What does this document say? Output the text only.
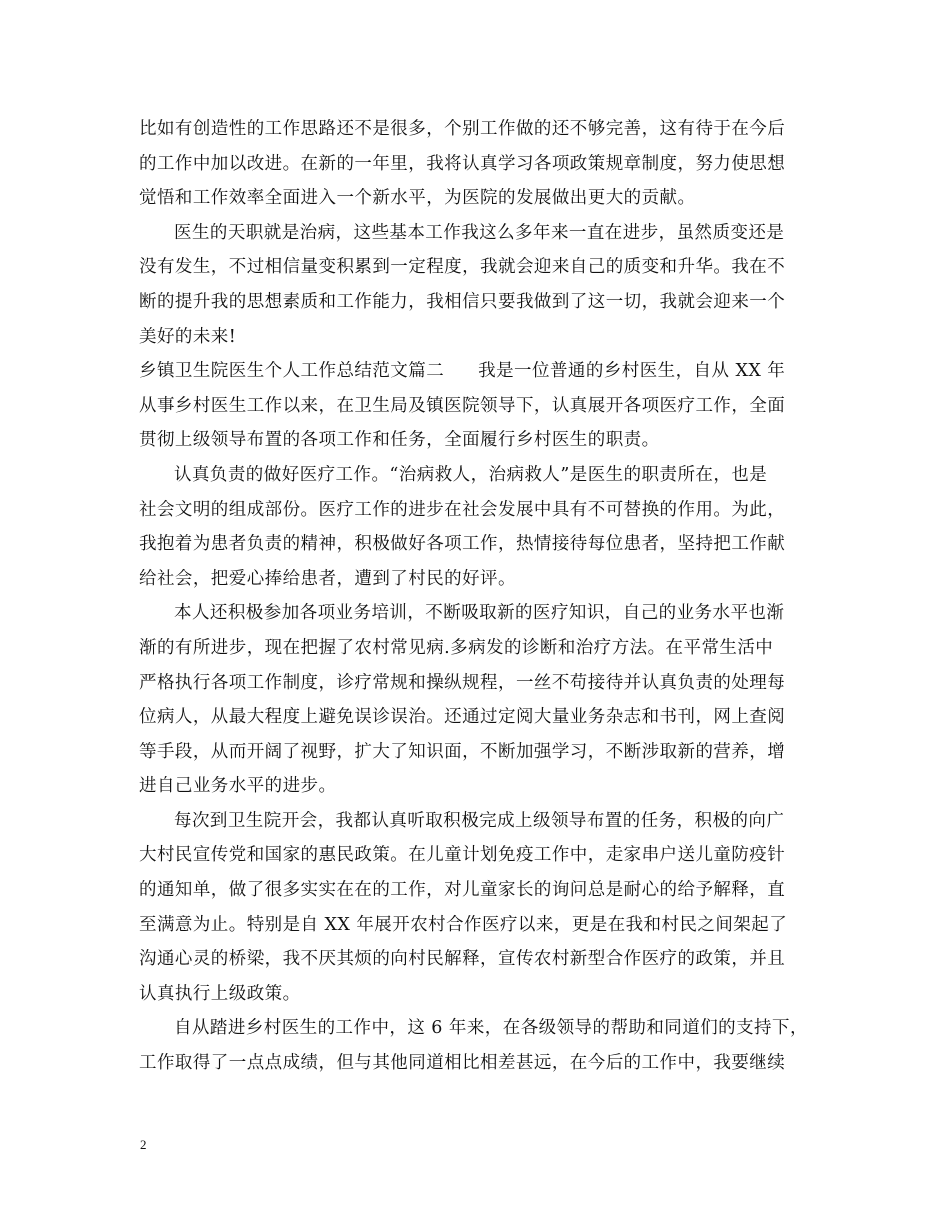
比如有创造性的工作思路还不是很多，个别工作做的还不够完善，这有待于在今后
的工作中加以改进。在新的一年里，我将认真学习各项政策规章制度，努力使思想
觉悟和工作效率全面进入一个新水平，为医院的发展做出更大的贡献。
医生的天职就是治病，这些基本工作我这么多年来一直在进步，虽然质变还是
没有发生，不过相信量变积累到一定程度，我就会迎来自己的质变和升华。我在不
断的提升我的思想素质和工作能力，我相信只要我做到了这一切，我就会迎来一个
美好的未来!
乡镇卫生院医生个人工作总结范文篇二 我是一位普通的乡村医生，自从 XX 年
从事乡村医生工作以来，在卫生局及镇医院领导下，认真展开各项医疗工作，全面
贯彻上级领导布置的各项工作和任务，全面履行乡村医生的职责。
认真负责的做好医疗工作。“治病救人，治病救人”是医生的职责所在，也是
社会文明的组成部份。医疗工作的进步在社会发展中具有不可替换的作用。为此，
我抱着为患者负责的精神，积极做好各项工作，热情接待每位患者，坚持把工作献
给社会，把爱心捧给患者，遭到了村民的好评。
本人还积极参加各项业务培训，不断吸取新的医疗知识，自己的业务水平也渐
渐的有所进步，现在把握了农村常见病.多病发的诊断和治疗方法。在平常生活中
严格执行各项工作制度，诊疗常规和操纵规程，一丝不苟接待并认真负责的处理每
位病人，从最大程度上避免误诊误治。还通过定阅大量业务杂志和书刊，网上查阅
等手段，从而开阔了视野，扩大了知识面，不断加强学习，不断涉取新的营养，增
进自己业务水平的进步。
每次到卫生院开会，我都认真听取积极完成上级领导布置的任务，积极的向广
大村民宣传党和国家的惠民政策。在儿童计划免疫工作中，走家串户送儿童防疫针
的通知单，做了很多实实在在的工作，对儿童家长的询问总是耐心的给予解释，直
至满意为止。特别是自 XX 年展开农村合作医疗以来，更是在我和村民之间架起了
沟通心灵的桥梁，我不厌其烦的向村民解释，宣传农村新型合作医疗的政策，并且
认真执行上级政策。
自从踏进乡村医生的工作中，这 6 年来，在各级领导的帮助和同道们的支持下，
工作取得了一点点成绩，但与其他同道相比相差甚远，在今后的工作中，我要继续
2
